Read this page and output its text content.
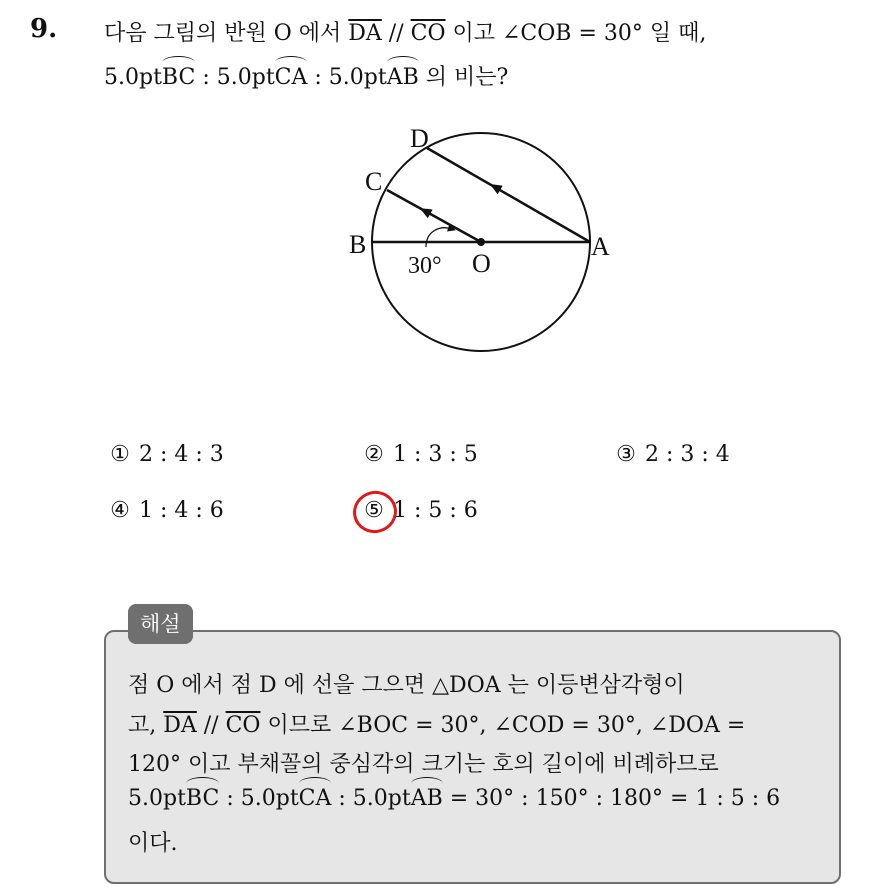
9. 다음 그림의 반원 O 에서 $\overline{DA} // \overline{CO}$ 이고 ∠COB = 30° 일 때,
5.0ptBC : 5.0ptCA : 5.0ptAB 의 비는?
D
C
B	A
O
30°
① 2 : 4 : 3	② 1 : 3 : 5	③ 2 : 3 : 4
④ 1 : 4 : 6	⑤ 1 : 5 : 6
해설
점 O 에서 점 D 에 선을 그으면 △DOA 는 이등변삼각형이
고, $\overline{DA} // \overline{CO}$ 이므로 ∠BOC = 30°, ∠COD = 30°, ∠DOA =
120° 이고 부채꼴의 중심각의 크기는 호의 길이에 비례하므로
5.0ptBC : 5.0ptCA : 5.0ptAB = 30° : 150° : 180° = 1 : 5 : 6
이다.
